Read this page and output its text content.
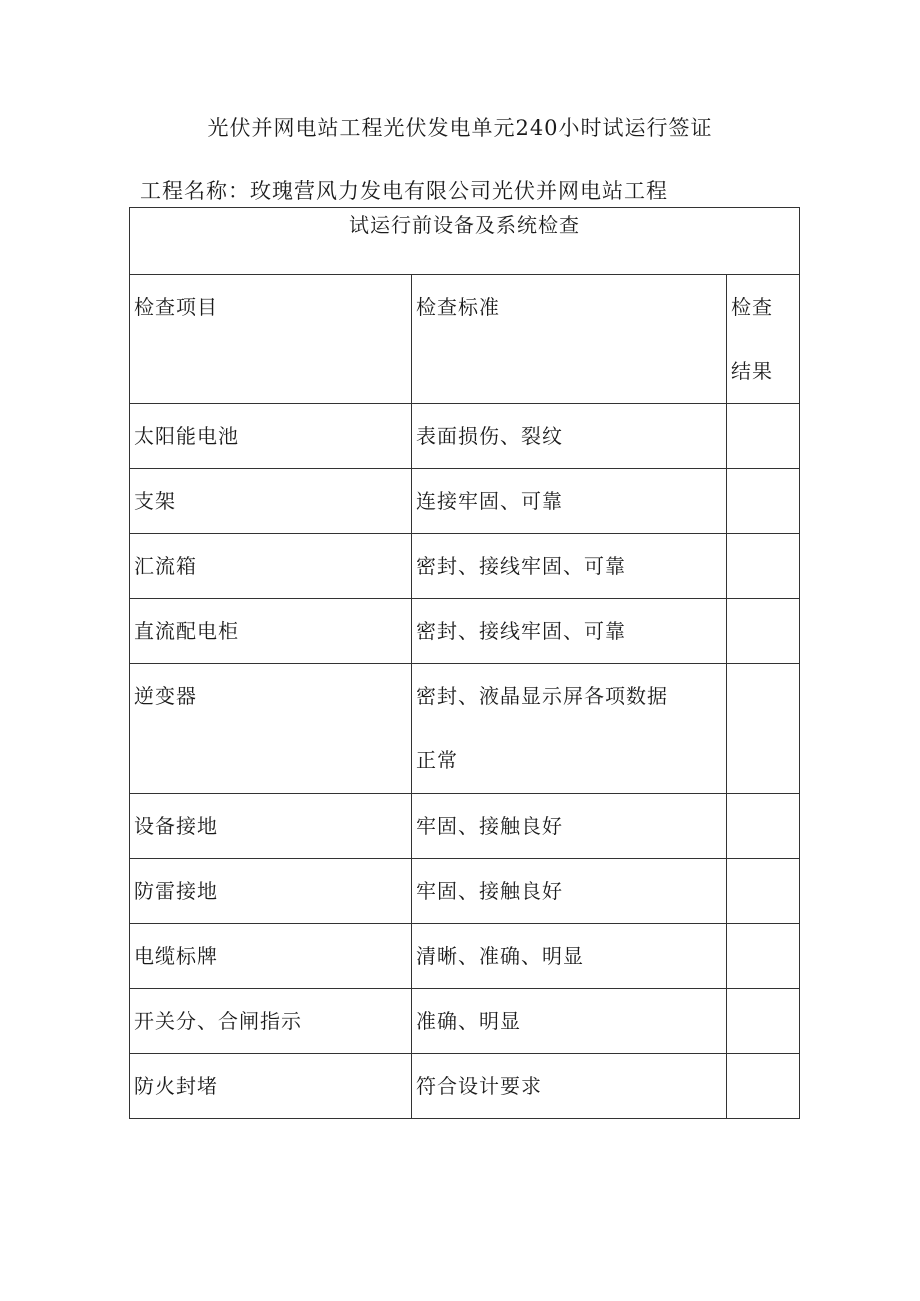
光伏并网电站工程光伏发电单元240小时试运行签证
工程名称：玫瑰营风力发电有限公司光伏并网电站工程
试运行前设备及系统检查		
检查项目	检查标准	检查
结果

太阳能电池	表面损伤、裂纹	
支架	连接牢固、可靠	
汇流箱	密封、接线牢固、可靠	
直流配电柜	密封、接线牢固、可靠	
逆变器	密封、液晶显示屏各项数据
正常	

设备接地	牢固、接触良好	
防雷接地	牢固、接触良好	
电缆标牌	清晰、准确、明显	
开关分、合闸指示	准确、明显	
防火封堵	符合设计要求	
